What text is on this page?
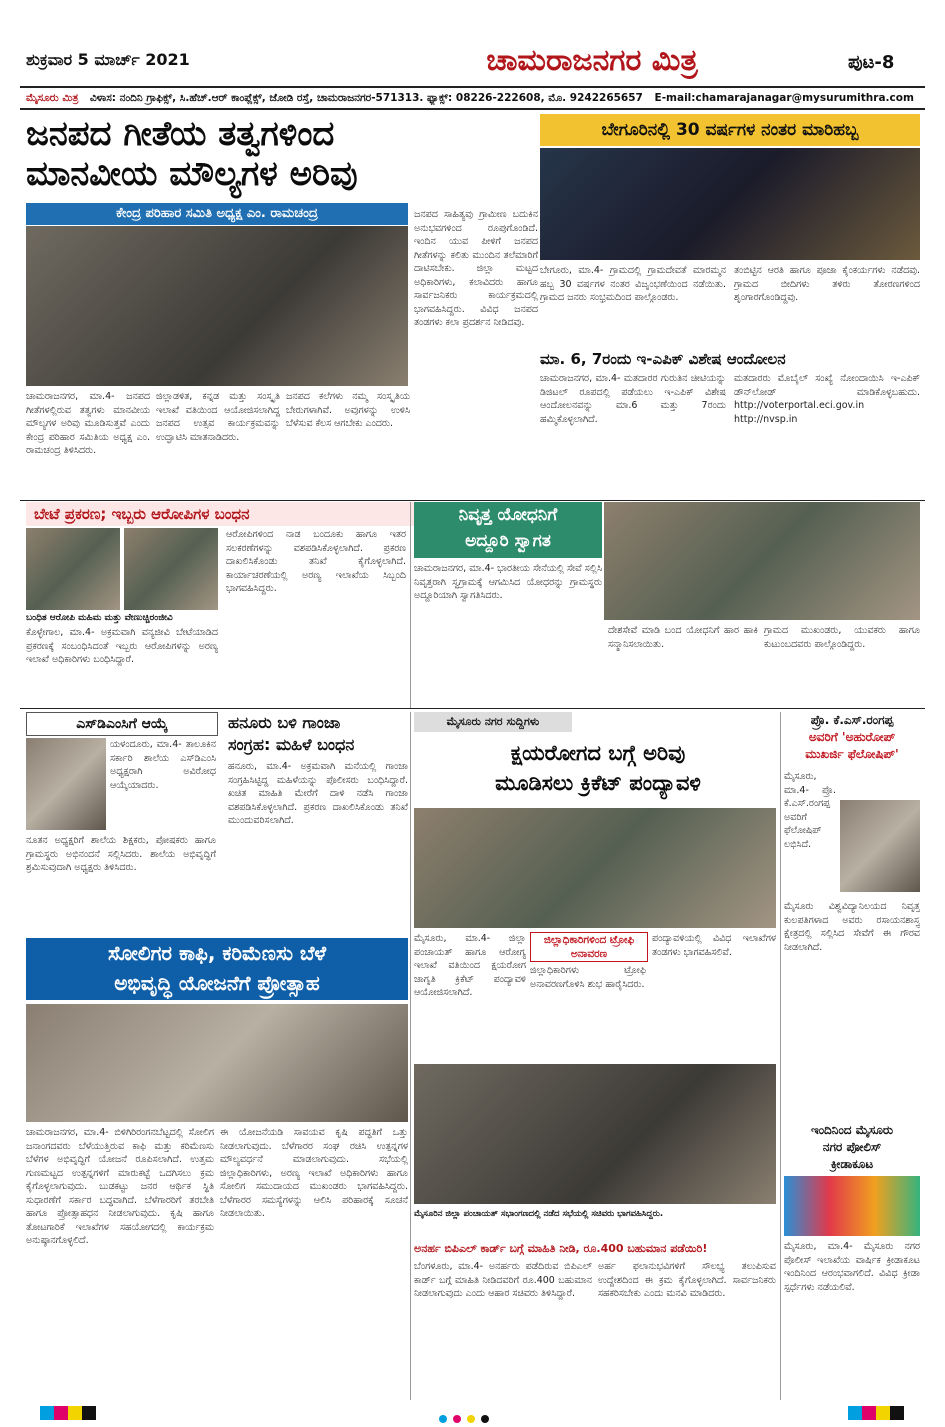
ಶುಕ್ರವಾರ 5 ಮಾರ್ಚ್ 2021	ಚಾಮರಾಜನಗರ ಮಿತ್ರ	ಪುಟ-8
ಮೈಸೂರು ಮಿತ್ರ ವಿಳಾಸ: ನಂದಿನಿ ಗ್ರಾಫಿಕ್ಸ್, ಸಿ.ಹೆಚ್.ಆರ್ ಕಾಂಪ್ಲೆಕ್ಸ್, ಜೋಡಿ ರಸ್ತೆ, ಚಾಮರಾಜನಗರ-571313. ಫ್ಯಾಕ್ಸ್: 08226-222608, ಮೊ. 9242265657 E-mail:chamarajanagar@mysurumithra.com
ಜನಪದ ಗೀತೆಯ ತತ್ವಗಳಿಂದ
ಮಾನವೀಯ ಮೌಲ್ಯಗಳ ಅರಿವು
ಕೇಂದ್ರ ಪರಿಹಾರ ಸಮಿತಿ ಅಧ್ಯಕ್ಷ ಎಂ. ರಾಮಚಂದ್ರ
ಚಾಮರಾಜನಗರ, ಮಾ.4- ಜನಪದ ಗೀತೆಗಳಲ್ಲಿರುವ ತತ್ವಗಳು ಮಾನವೀಯ ಮೌಲ್ಯಗಳ ಅರಿವು ಮೂಡಿಸುತ್ತವೆ ಎಂದು ಕೇಂದ್ರ ಪರಿಹಾರ ಸಮಿತಿಯ ಅಧ್ಯಕ್ಷ ಎಂ. ರಾಮಚಂದ್ರ ತಿಳಿಸಿದರು.
ಜಿಲ್ಲಾಡಳಿತ, ಕನ್ನಡ ಮತ್ತು ಸಂಸ್ಕೃತಿ ಇಲಾಖೆ ವತಿಯಿಂದ ಆಯೋಜಿಸಲಾಗಿದ್ದ ಜನಪದ ಉತ್ಸವ ಕಾರ್ಯಕ್ರಮವನ್ನು ಉದ್ಘಾಟಿಸಿ ಮಾತನಾಡಿದರು.
ಜನಪದ ಕಲೆಗಳು ನಮ್ಮ ಸಂಸ್ಕೃತಿಯ ಬೇರುಗಳಾಗಿವೆ. ಅವುಗಳನ್ನು ಉಳಿಸಿ ಬೆಳೆಸುವ ಕೆಲಸ ಆಗಬೇಕು ಎಂದರು.
ಜನಪದ ಸಾಹಿತ್ಯವು ಗ್ರಾಮೀಣ ಬದುಕಿನ ಅನುಭವಗಳಿಂದ ರೂಪುಗೊಂಡಿದೆ. ಇಂದಿನ ಯುವ ಪೀಳಿಗೆ ಜನಪದ ಗೀತೆಗಳನ್ನು ಕಲಿತು ಮುಂದಿನ ತಲೆಮಾರಿಗೆ ದಾಟಿಸಬೇಕು. ಜಿಲ್ಲಾ ಮಟ್ಟದ ಅಧಿಕಾರಿಗಳು, ಕಲಾವಿದರು ಹಾಗೂ ಸಾರ್ವಜನಿಕರು ಕಾರ್ಯಕ್ರಮದಲ್ಲಿ ಭಾಗವಹಿಸಿದ್ದರು. ವಿವಿಧ ಜನಪದ ತಂಡಗಳು ಕಲಾ ಪ್ರದರ್ಶನ ನೀಡಿದವು.
ಬೇಗೂರಿನಲ್ಲಿ 30 ವರ್ಷಗಳ ನಂತರ ಮಾರಿಹಬ್ಬ
ಬೇಗೂರು, ಮಾ.4- ಗ್ರಾಮದಲ್ಲಿ ಗ್ರಾಮದೇವತೆ ಮಾರಮ್ಮನ ಹಬ್ಬ 30 ವರ್ಷಗಳ ನಂತರ ವಿಜೃಂಭಣೆಯಿಂದ ನಡೆಯಿತು. ಗ್ರಾಮದ ಜನರು ಸಂಭ್ರಮದಿಂದ ಪಾಲ್ಗೊಂಡರು.
ತಂಬಿಟ್ಟಿನ ಆರತಿ ಹಾಗೂ ಪೂಜಾ ಕೈಂಕರ್ಯಗಳು ನಡೆದವು. ಗ್ರಾಮದ ಬೀದಿಗಳು ತಳಿರು ತೋರಣಗಳಿಂದ ಶೃಂಗಾರಗೊಂಡಿದ್ದವು.
ಮಾ. 6, 7ರಂದು ಇ-ಎಪಿಕ್ ವಿಶೇಷ ಆಂದೋಲನ
ಚಾಮರಾಜನಗರ, ಮಾ.4- ಮತದಾರರ ಗುರುತಿನ ಚೀಟಿಯನ್ನು ಡಿಜಿಟಲ್ ರೂಪದಲ್ಲಿ ಪಡೆಯಲು ಇ-ಎಪಿಕ್ ವಿಶೇಷ ಆಂದೋಲನವನ್ನು ಮಾ.6 ಮತ್ತು 7ರಂದು ಹಮ್ಮಿಕೊಳ್ಳಲಾಗಿದೆ.
ಮತದಾರರು ಮೊಬೈಲ್ ಸಂಖ್ಯೆ ನೋಂದಾಯಿಸಿ ಇ-ಎಪಿಕ್ ಡೌನ್‌ಲೋಡ್ ಮಾಡಿಕೊಳ್ಳಬಹುದು. http://voterportal.eci.gov.in http://nvsp.in
ಬೇಟೆ ಪ್ರಕರಣ; ಇಬ್ಬರು ಆರೋಪಿಗಳ ಬಂಧನ
ಬಂಧಿತ ಆರೋಪಿ ಮಹಿಮ ಮತ್ತು ವೇಣುಚ್ಚಿರಂಜೀವಿ
ಕೊಳ್ಳೇಗಾಲ, ಮಾ.4- ಅಕ್ರಮವಾಗಿ ವನ್ಯಜೀವಿ ಬೇಟೆಯಾಡಿದ ಪ್ರಕರಣಕ್ಕೆ ಸಂಬಂಧಿಸಿದಂತೆ ಇಬ್ಬರು ಆರೋಪಿಗಳನ್ನು ಅರಣ್ಯ ಇಲಾಖೆ ಅಧಿಕಾರಿಗಳು ಬಂಧಿಸಿದ್ದಾರೆ.
ಆರೋಪಿಗಳಿಂದ ನಾಡ ಬಂದೂಕು ಹಾಗೂ ಇತರ ಸಲಕರಣೆಗಳನ್ನು ವಶಪಡಿಸಿಕೊಳ್ಳಲಾಗಿದೆ. ಪ್ರಕರಣ ದಾಖಲಿಸಿಕೊಂಡು ತನಿಖೆ ಕೈಗೊಳ್ಳಲಾಗಿದೆ. ಕಾರ್ಯಾಚರಣೆಯಲ್ಲಿ ಅರಣ್ಯ ಇಲಾಖೆಯ ಸಿಬ್ಬಂದಿ ಭಾಗವಹಿಸಿದ್ದರು.
ನಿವೃತ್ತ ಯೋಧನಿಗೆ
ಅದ್ದೂರಿ ಸ್ವಾಗತ
ಚಾಮರಾಜನಗರ, ಮಾ.4- ಭಾರತೀಯ ಸೇನೆಯಲ್ಲಿ ಸೇವೆ ಸಲ್ಲಿಸಿ ನಿವೃತ್ತರಾಗಿ ಸ್ವಗ್ರಾಮಕ್ಕೆ ಆಗಮಿಸಿದ ಯೋಧರನ್ನು ಗ್ರಾಮಸ್ಥರು ಅದ್ದೂರಿಯಾಗಿ ಸ್ವಾಗತಿಸಿದರು.
ದೇಶಸೇವೆ ಮಾಡಿ ಬಂದ ಯೋಧನಿಗೆ ಹಾರ ಹಾಕಿ ಸನ್ಮಾನಿಸಲಾಯಿತು.
ಗ್ರಾಮದ ಮುಖಂಡರು, ಯುವಕರು ಹಾಗೂ ಕುಟುಂಬದವರು ಪಾಲ್ಗೊಂಡಿದ್ದರು.
ಎಸ್‌ಡಿಎಂಸಿಗೆ ಆಯ್ಕೆ
ಯಳಂದೂರು, ಮಾ.4- ತಾಲೂಕಿನ ಸರ್ಕಾರಿ ಶಾಲೆಯ ಎಸ್‌ಡಿಎಂಸಿ ಅಧ್ಯಕ್ಷರಾಗಿ ಅವಿರೋಧ ಆಯ್ಕೆಯಾದರು.
ನೂತನ ಅಧ್ಯಕ್ಷರಿಗೆ ಶಾಲೆಯ ಶಿಕ್ಷಕರು, ಪೋಷಕರು ಹಾಗೂ ಗ್ರಾಮಸ್ಥರು ಅಭಿನಂದನೆ ಸಲ್ಲಿಸಿದರು. ಶಾಲೆಯ ಅಭಿವೃದ್ಧಿಗೆ ಶ್ರಮಿಸುವುದಾಗಿ ಅಧ್ಯಕ್ಷರು ತಿಳಿಸಿದರು.
ಹನೂರು ಬಳಿ ಗಾಂಜಾ
ಸಂಗ್ರಹ: ಮಹಿಳೆ ಬಂಧನ
ಹನೂರು, ಮಾ.4- ಅಕ್ರಮವಾಗಿ ಮನೆಯಲ್ಲಿ ಗಾಂಜಾ ಸಂಗ್ರಹಿಸಿಟ್ಟಿದ್ದ ಮಹಿಳೆಯನ್ನು ಪೊಲೀಸರು ಬಂಧಿಸಿದ್ದಾರೆ. ಖಚಿತ ಮಾಹಿತಿ ಮೇರೆಗೆ ದಾಳಿ ನಡೆಸಿ ಗಾಂಜಾ ವಶಪಡಿಸಿಕೊಳ್ಳಲಾಗಿದೆ. ಪ್ರಕರಣ ದಾಖಲಿಸಿಕೊಂಡು ತನಿಖೆ ಮುಂದುವರಿಸಲಾಗಿದೆ.
ಮೈಸೂರು ನಗರ ಸುದ್ದಿಗಳು
ಕ್ಷಯರೋಗದ ಬಗ್ಗೆ ಅರಿವು
ಮೂಡಿಸಲು ಕ್ರಿಕೆಟ್ ಪಂದ್ಯಾವಳಿ
ಮೈಸೂರು, ಮಾ.4- ಜಿಲ್ಲಾ ಪಂಚಾಯತ್ ಹಾಗೂ ಆರೋಗ್ಯ ಇಲಾಖೆ ವತಿಯಿಂದ ಕ್ಷಯರೋಗ ಜಾಗೃತಿ ಕ್ರಿಕೆಟ್ ಪಂದ್ಯಾವಳಿ ಆಯೋಜಿಸಲಾಗಿದೆ.
ಜಿಲ್ಲಾಧಿಕಾರಿಗಳಿಂದ ಟ್ರೋಫಿ ಅನಾವರಣ
ಜಿಲ್ಲಾಧಿಕಾರಿಗಳು ಟ್ರೋಫಿ ಅನಾವರಣಗೊಳಿಸಿ ಶುಭ ಹಾರೈಸಿದರು.
ಪಂದ್ಯಾವಳಿಯಲ್ಲಿ ವಿವಿಧ ಇಲಾಖೆಗಳ ತಂಡಗಳು ಭಾಗವಹಿಸಲಿವೆ.
ಪ್ರೊ. ಕೆ.ಎಸ್.ರಂಗಪ್ಪ
ಅವರಿಗೆ 'ಅಹುರೋಪ್
ಮುಖರ್ಜಿ ಫೆಲೋಷಿಪ್'
ಮೈಸೂರು, ಮಾ.4- ಪ್ರೊ. ಕೆ.ಎಸ್.ರಂಗಪ್ಪ ಅವರಿಗೆ ಫೆಲೋಷಿಪ್ ಲಭಿಸಿದೆ.
ಮೈಸೂರು ವಿಶ್ವವಿದ್ಯಾನಿಲಯದ ನಿವೃತ್ತ ಕುಲಪತಿಗಳಾದ ಅವರು ರಸಾಯನಶಾಸ್ತ್ರ ಕ್ಷೇತ್ರದಲ್ಲಿ ಸಲ್ಲಿಸಿದ ಸೇವೆಗೆ ಈ ಗೌರವ ನೀಡಲಾಗಿದೆ.
ಸೋಲಿಗರ ಕಾಫಿ, ಕರಿಮೆಣಸು ಬೆಳೆ
ಅಭಿವೃದ್ಧಿ ಯೋಜನೆಗೆ ಪ್ರೋತ್ಸಾಹ
ಚಾಮರಾಜನಗರ, ಮಾ.4- ಬಿಳಿಗಿರಿರಂಗನಬೆಟ್ಟದಲ್ಲಿ ಸೋಲಿಗ ಜನಾಂಗದವರು ಬೆಳೆಯುತ್ತಿರುವ ಕಾಫಿ ಮತ್ತು ಕರಿಮೆಣಸು ಬೆಳೆಗಳ ಅಭಿವೃದ್ಧಿಗೆ ಯೋಜನೆ ರೂಪಿಸಲಾಗಿದೆ. ಉತ್ತಮ ಗುಣಮಟ್ಟದ ಉತ್ಪನ್ನಗಳಿಗೆ ಮಾರುಕಟ್ಟೆ ಒದಗಿಸಲು ಕ್ರಮ ಕೈಗೊಳ್ಳಲಾಗುವುದು. ಬುಡಕಟ್ಟು ಜನರ ಆರ್ಥಿಕ ಸ್ಥಿತಿ ಸುಧಾರಣೆಗೆ ಸರ್ಕಾರ ಬದ್ಧವಾಗಿದೆ. ಬೆಳೆಗಾರರಿಗೆ ತರಬೇತಿ ಹಾಗೂ ಪ್ರೋತ್ಸಾಹಧನ ನೀಡಲಾಗುವುದು. ಕೃಷಿ ಹಾಗೂ ತೋಟಗಾರಿಕೆ ಇಲಾಖೆಗಳ ಸಹಯೋಗದಲ್ಲಿ ಕಾರ್ಯಕ್ರಮ ಅನುಷ್ಠಾನಗೊಳ್ಳಲಿದೆ.
ಈ ಯೋಜನೆಯಡಿ ಸಾವಯವ ಕೃಷಿ ಪದ್ಧತಿಗೆ ಒತ್ತು ನೀಡಲಾಗುವುದು. ಬೆಳೆಗಾರರ ಸಂಘ ರಚಿಸಿ ಉತ್ಪನ್ನಗಳ ಮೌಲ್ಯವರ್ಧನೆ ಮಾಡಲಾಗುವುದು. ಸಭೆಯಲ್ಲಿ ಜಿಲ್ಲಾಧಿಕಾರಿಗಳು, ಅರಣ್ಯ ಇಲಾಖೆ ಅಧಿಕಾರಿಗಳು ಹಾಗೂ ಸೋಲಿಗ ಸಮುದಾಯದ ಮುಖಂಡರು ಭಾಗವಹಿಸಿದ್ದರು. ಬೆಳೆಗಾರರ ಸಮಸ್ಯೆಗಳನ್ನು ಆಲಿಸಿ ಪರಿಹಾರಕ್ಕೆ ಸೂಚನೆ ನೀಡಲಾಯಿತು.	ಮೈಸೂರಿನ ಜಿಲ್ಲಾ ಪಂಚಾಯತ್ ಸಭಾಂಗಣದಲ್ಲಿ ನಡೆದ ಸಭೆಯಲ್ಲಿ ಸಚಿವರು ಭಾಗವಹಿಸಿದ್ದರು.
ಇಂದಿನಿಂದ ಮೈಸೂರು
ನಗರ ಪೋಲಿಸ್
ಕ್ರೀಡಾಕೂಟ
ಮೈಸೂರು, ಮಾ.4- ಮೈಸೂರು ನಗರ ಪೊಲೀಸ್ ಇಲಾಖೆಯ ವಾರ್ಷಿಕ ಕ್ರೀಡಾಕೂಟ ಇಂದಿನಿಂದ ಆರಂಭವಾಗಲಿದೆ. ವಿವಿಧ ಕ್ರೀಡಾ ಸ್ಪರ್ಧೆಗಳು ನಡೆಯಲಿವೆ.
ಅನರ್ಹ ಬಿಪಿಎಲ್ ಕಾರ್ಡ್ ಬಗ್ಗೆ ಮಾಹಿತಿ ನೀಡಿ, ರೂ.400 ಬಹುಮಾನ ಪಡೆಯಿರಿ!
ಬೆಂಗಳೂರು, ಮಾ.4- ಅನರ್ಹರು ಪಡೆದಿರುವ ಬಿಪಿಎಲ್ ಕಾರ್ಡ್ ಬಗ್ಗೆ ಮಾಹಿತಿ ನೀಡಿದವರಿಗೆ ರೂ.400 ಬಹುಮಾನ ನೀಡಲಾಗುವುದು ಎಂದು ಆಹಾರ ಸಚಿವರು ತಿಳಿಸಿದ್ದಾರೆ.
ಅರ್ಹ ಫಲಾನುಭವಿಗಳಿಗೆ ಸೌಲಭ್ಯ ತಲುಪಿಸುವ ಉದ್ದೇಶದಿಂದ ಈ ಕ್ರಮ ಕೈಗೊಳ್ಳಲಾಗಿದೆ. ಸಾರ್ವಜನಿಕರು ಸಹಕರಿಸಬೇಕು ಎಂದು ಮನವಿ ಮಾಡಿದರು.
